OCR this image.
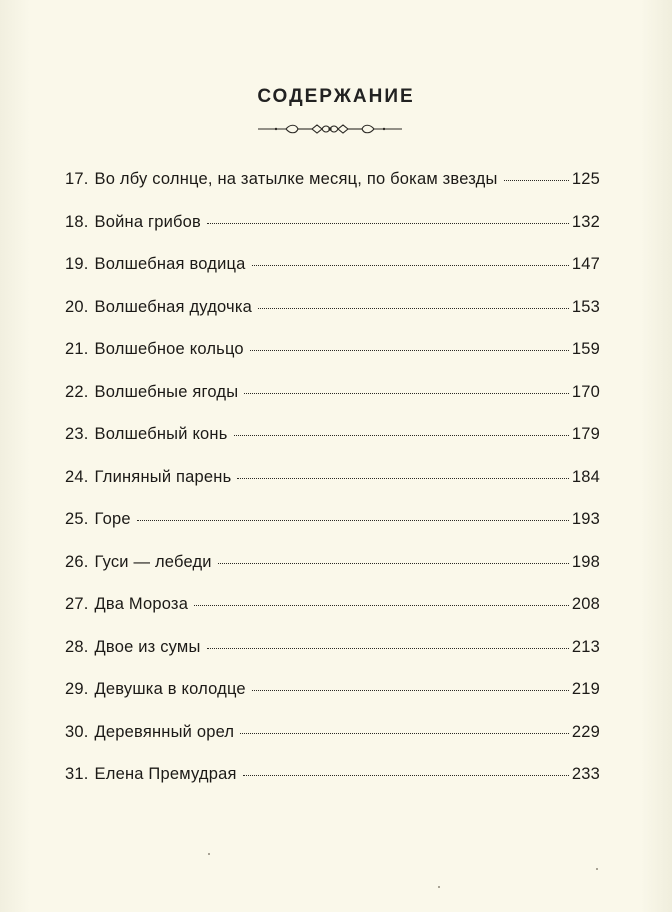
СОДЕРЖАНИЕ
17. Во лбу солнце, на затылке месяц, по бокам звезды	125
18. Война грибов	132
19. Волшебная водица	147
20. Волшебная дудочка	153
21. Волшебное кольцо	159
22. Волшебные ягоды	170
23. Волшебный конь	179
24. Глиняный парень	184
25. Горе	193
26. Гуси — лебеди	198
27. Два Мороза	208
28. Двое из сумы	213
29. Девушка в колодце	219
30. Деревянный орел	229
31. Елена Премудрая	233
